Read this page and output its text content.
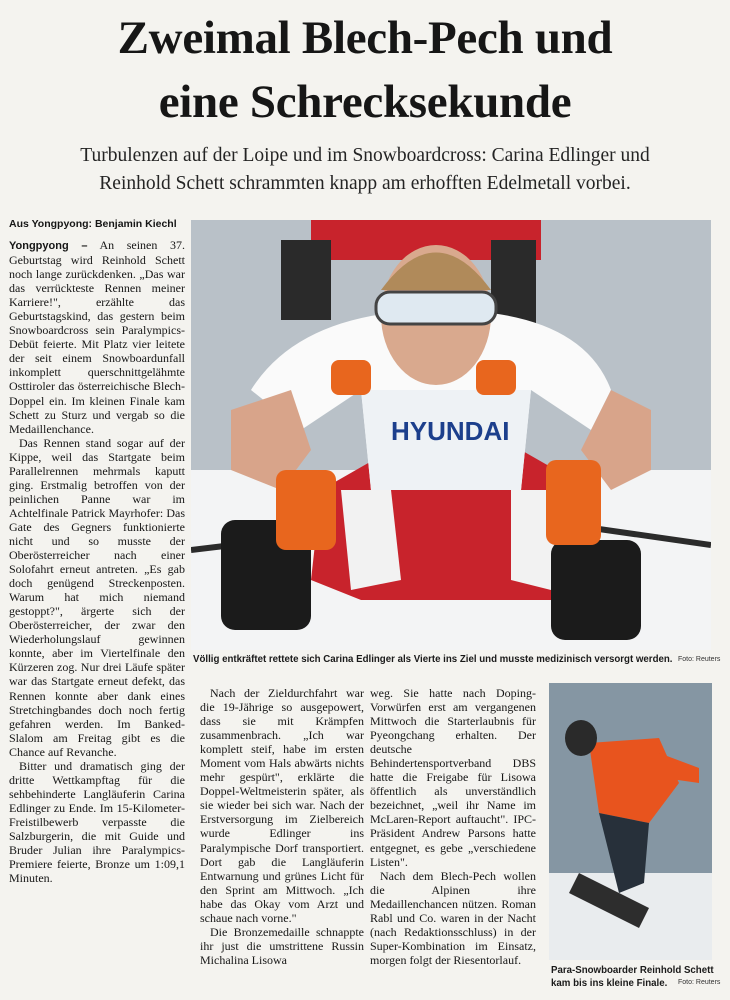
Zweimal Blech-Pech und
eine Schrecksekunde
Turbulenzen auf der Loipe und im Snowboardcross: Carina Edlinger und
Reinhold Schett schrammten knapp am erhofften Edelmetall vorbei.
Aus Yongpyong: Benjamin Kiechl

Yongpyong – An seinen 37. Geburtstag wird Reinhold Schett noch lange zurückdenken. „Das war das verrückteste Rennen meiner Karriere!", erzählte das Geburtstagskind, das gestern beim Snowboardcross sein Paralympics-Debüt feierte. Mit Platz vier leitete der seit einem Snowboardunfall inkomplett querschnittgelähmte Osttiroler das österreichische Blech-Doppel ein. Im kleinen Finale kam Schett zu Sturz und vergab so die Medaillenchance.

Das Rennen stand sogar auf der Kippe, weil das Startgate beim Parallelrennen mehrmals kaputt ging. Erstmalig betroffen von der peinlichen Panne war im Achtelfinale Patrick Mayrhofer: Das Gate des Gegners funktionierte nicht und so musste der Oberösterreicher nach einer Solofahrt erneut antreten. „Es gab doch genügend Streckenposten. Warum hat mich niemand gestoppt?", ärgerte sich der Oberösterreicher, der zwar den Wiederholungslauf gewinnen konnte, aber im Viertelfinale den Kürzeren zog. Nur drei Läufe später war das Startgate erneut defekt, das Rennen konnte aber dank eines Stretchingbandes doch noch fertig gefahren werden. Im Banked-Slalom am Freitag gibt es die Chance auf Revanche.

Bitter und dramatisch ging der dritte Wettkampftag für die sehbehinderte Langläuferin Carina Edlinger zu Ende. Im 15-Kilometer-Freistilbewerb verpasste die Salzburgerin, die mit Guide und Bruder Julian ihre Paralympics-Premiere feierte, Bronze um 1:09,1 Minuten.

HYUNDAI
Völlig entkräftet rettete sich Carina Edlinger als Vierte ins Ziel und musste medizinisch versorgt werden. Foto: Reuters

Nach der Zieldurchfahrt war die 19-Jährige so ausgepowert, dass sie mit Krämpfen zusammenbrach. „Ich war komplett steif, habe im ersten Moment vom Hals abwärts nichts mehr gespürt", erklärte die Doppel-Weltmeisterin später, als sie wieder bei sich war. Nach der Erstversorgung im Zielbereich wurde Edlinger ins Paralympische Dorf transportiert. Dort gab die Langläuferin Entwarnung und grünes Licht für den Sprint am Mittwoch. „Ich habe das Okay vom Arzt und schaue nach vorne."

Die Bronzemedaille schnappte ihr just die umstrittene Russin Michalina Lisowa

weg. Sie hatte nach Doping-Vorwürfen erst am vergangenen Mittwoch die Starterlaubnis für Pyeongchang erhalten. Der deutsche Behindertensportverband DBS hatte die Freigabe für Lisowa öffentlich als unverständlich bezeichnet, „weil ihr Name im McLaren-Report auftaucht". IPC-Präsident Andrew Parsons hatte entgegnet, es gebe „verschiedene Listen".

Nach dem Blech-Pech wollen die Alpinen ihre Medaillenchancen nützen. Roman Rabl und Co. waren in der Nacht (nach Redaktionsschluss) in der Super-Kombination im Einsatz, morgen folgt der Riesentorlauf.

Para-Snowboarder Reinhold Schett
kam bis ins kleine Finale.	Foto: Reuters
